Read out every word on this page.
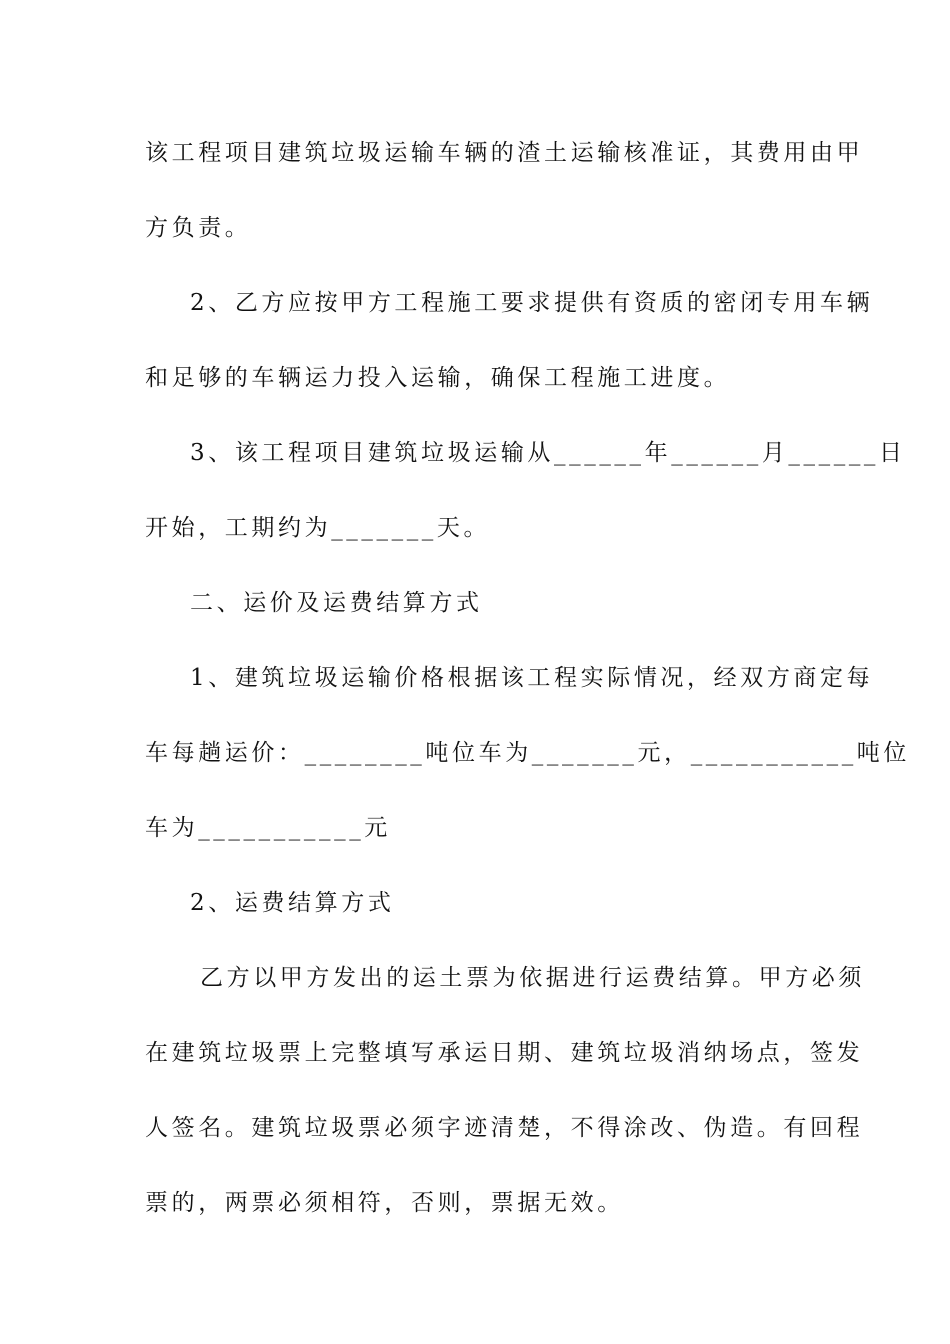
该工程项目建筑垃圾运输车辆的渣土运输核准证，其费用由甲
方负责。
2、乙方应按甲方工程施工要求提供有资质的密闭专用车辆
和足够的车辆运力投入运输，确保工程施工进度。
3、该工程项目建筑垃圾运输从______年______月______日
开始，工期约为_______天。
二、运价及运费结算方式
1、建筑垃圾运输价格根据该工程实际情况，经双方商定每
车每趟运价：________吨位车为_______元，___________吨位
车为___________元
2、运费结算方式
乙方以甲方发出的运土票为依据进行运费结算。甲方必须
在建筑垃圾票上完整填写承运日期、建筑垃圾消纳场点，签发
人签名。建筑垃圾票必须字迹清楚，不得涂改、伪造。有回程
票的，两票必须相符，否则，票据无效。
